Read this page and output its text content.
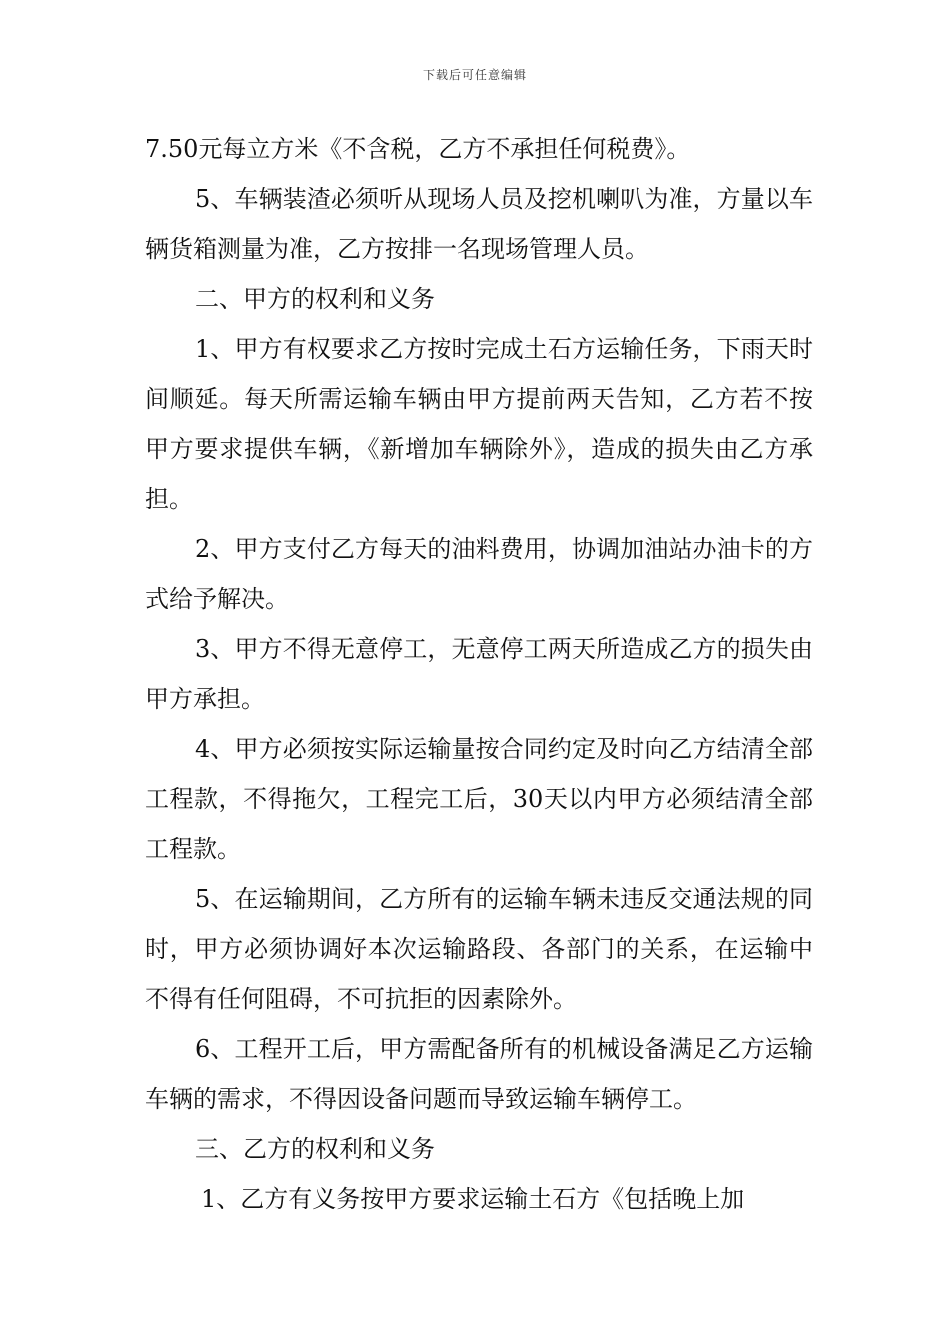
下载后可任意编辑

7.50元每立方米《不含税，乙方不承担任何税费》。

5、车辆装渣必须听从现场人员及挖机喇叭为准，方量以车辆货箱测量为准，乙方按排一名现场管理人员。

二、甲方的权利和义务

1、甲方有权要求乙方按时完成土石方运输任务，下雨天时间顺延。每天所需运输车辆由甲方提前两天告知，乙方若不按甲方要求提供车辆，《新增加车辆除外》，造成的损失由乙方承担。

2、甲方支付乙方每天的油料费用，协调加油站办油卡的方式给予解决。

3、甲方不得无意停工，无意停工两天所造成乙方的损失由甲方承担。

4、甲方必须按实际运输量按合同约定及时向乙方结清全部工程款，不得拖欠，工程完工后，30天以内甲方必须结清全部工程款。

5、在运输期间，乙方所有的运输车辆未违反交通法规的同时，甲方必须协调好本次运输路段、各部门的关系，在运输中不得有任何阻碍，不可抗拒的因素除外。

6、工程开工后，甲方需配备所有的机械设备满足乙方运输车辆的需求，不得因设备问题而导致运输车辆停工。

三、乙方的权利和义务

1、乙方有义务按甲方要求运输土石方《包括晚上加
